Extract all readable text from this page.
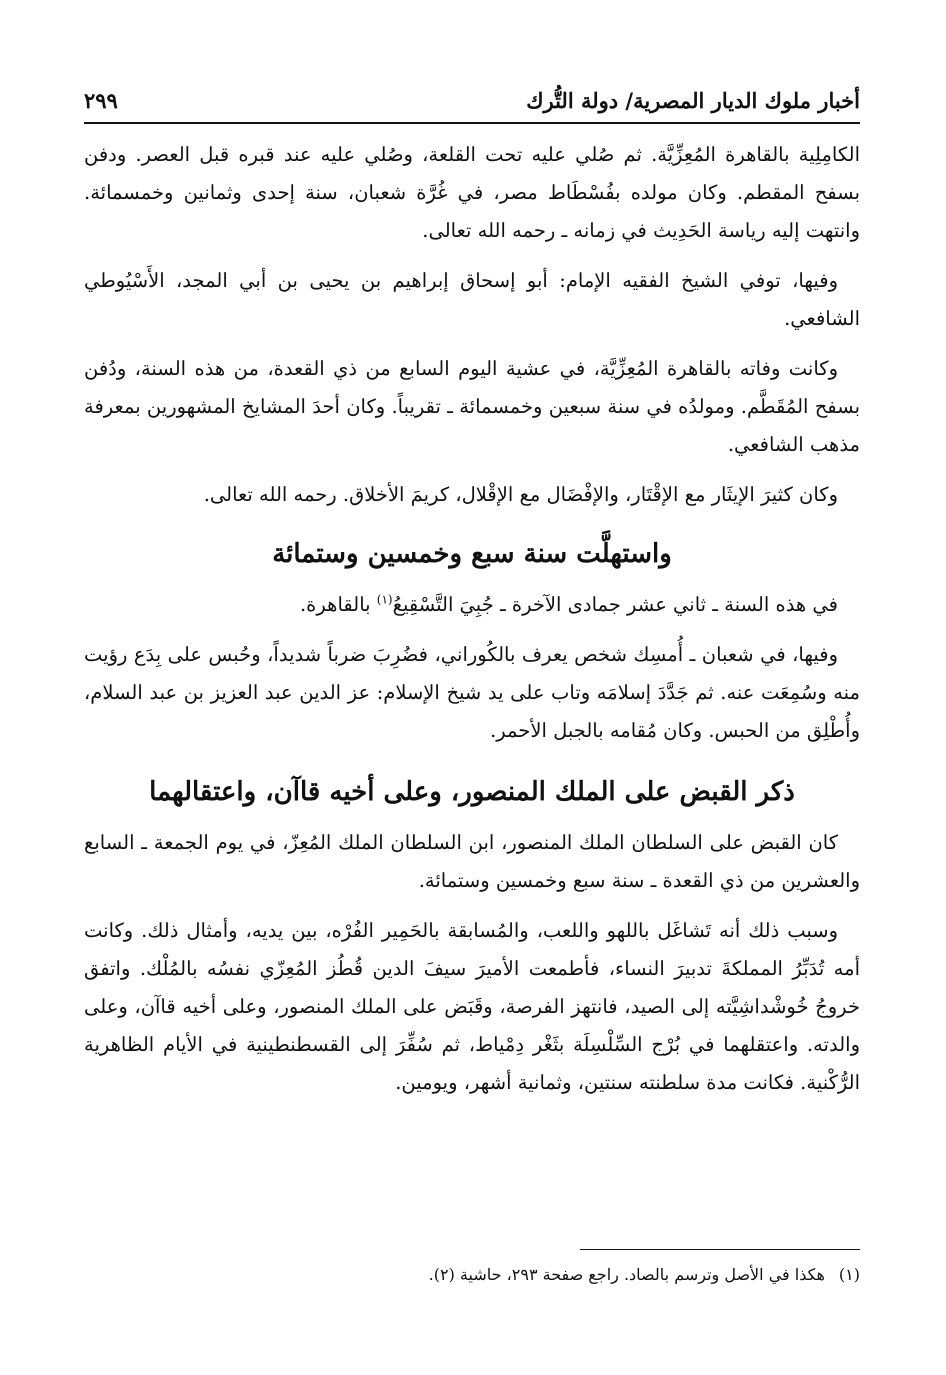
أخبار ملوك الديار المصرية/ دولة التُّرك
٢٩٩

الكامِلِية بالقاهرة المُعِزِّيَّة. ثم صُلي عليه تحت القلعة، وصُلي عليه عند قبره قبل العصر. ودفن بسفح المقطم. وكان مولده بفُسْطَاط مصر، في غُرَّة شعبان، سنة إحدى وثمانين وخمسمائة. وانتهت إليه رياسة الحَدِيث في زمانه ـ رحمه الله تعالى.

وفيها، توفي الشيخ الفقيه الإمام: أبو إسحاق إبراهيم بن يحيى بن أبي المجد، الأَسْيُوطي الشافعي.

وكانت وفاته بالقاهرة المُعِزِّيَّة، في عشية اليوم السابع من ذي القعدة، من هذه السنة، ودُفن بسفح المُقَطَّم. ومولدُه في سنة سبعين وخمسمائة ـ تقريباً. وكان أحدَ المشايخ المشهورين بمعرفة مذهب الشافعي.

وكان كثيرَ الإيثَار مع الإقْتَار، والإفْضَال مع الإقْلال، كريمَ الأخلاق. رحمه الله تعالى.

واستهلَّت سنة سبع وخمسين وستمائة

في هذه السنة ـ ثاني عشر جمادى الآخرة ـ جُبِيَ التَّسْقِيعُ$^{(١)}$ بالقاهرة.

وفيها، في شعبان ـ أُمسِك شخص يعرف بالكُوراني، فضُرِبَ ضرباً شديداً، وحُبس على بِدَع رؤيت منه وسُمِعَت عنه. ثم جَدَّدَ إسلامَه وتاب على يد شيخ الإسلام: عز الدين عبد العزيز بن عبد السلام، وأُطْلِق من الحبس. وكان مُقامه بالجبل الأحمر.

ذكر القبض على الملك المنصور، وعلى أخيه قاآن، واعتقالهما

كان القبض على السلطان الملك المنصور، ابن السلطان الملك المُعِزّ، في يوم الجمعة ـ السابع والعشرين من ذي القعدة ـ سنة سبع وخمسين وستمائة.

وسبب ذلك أنه تَشاغَل باللهو واللعب، والمُسابقة بالحَمِير الفُرْه، بين يديه، وأمثال ذلك. وكانت أمه تُدَبِّرُ المملكةَ تدبيرَ النساء، فأطمعت الأميرَ سيفَ الدين قُطُز المُعِزّي نفسُه بالمُلْك. واتفق خروجُ خُوشْداشِيَّته إلى الصيد، فانتهز الفرصة، وقَبَض على الملك المنصور، وعلى أخيه قاآن، وعلى والدته. واعتقلهما في بُرْج السِّلْسِلَة بثَغْر دِمْياط، ثم سُفِّرَ إلى القسطنطينية في الأيام الظاهرية الرُّكْنية. فكانت مدة سلطنته سنتين، وثمانية أشهر، ويومين.

(١)هكذا في الأصل وترسم بالصاد. راجع صفحة ٢٩٣، حاشية (٢).
